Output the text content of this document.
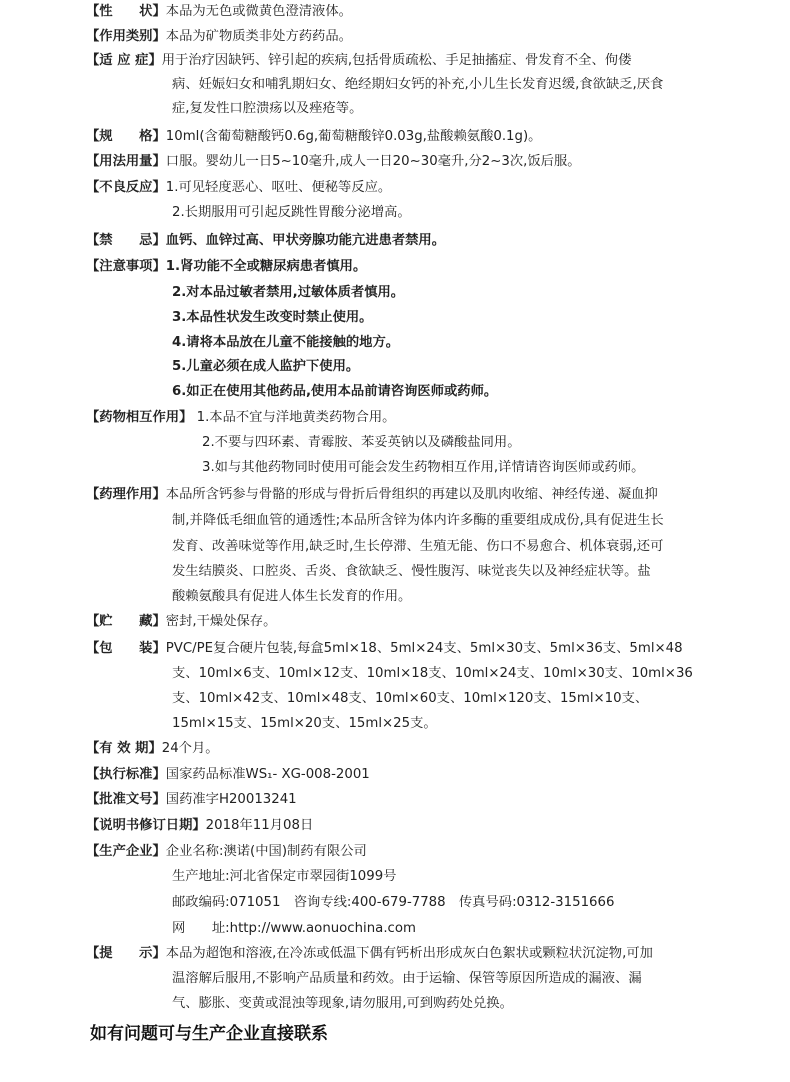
【性　　状】本品为无色或微黄色澄清液体。
【作用类别】本品为矿物质类非处方药药品。
【适 应 症】用于治疗因缺钙、锌引起的疾病,包括骨质疏松、手足抽搐症、骨发育不全、佝偻
病、妊娠妇女和哺乳期妇女、绝经期妇女钙的补充,小儿生长发育迟缓,食欲缺乏,厌食
症,复发性口腔溃疡以及痤疮等。
【规　　格】10ml(含葡萄糖酸钙0.6g,葡萄糖酸锌0.03g,盐酸赖氨酸0.1g)。
【用法用量】口服。婴幼儿一日5~10毫升,成人一日20~30毫升,分2~3次,饭后服。
【不良反应】1.可见轻度恶心、呕吐、便秘等反应。
2.长期服用可引起反跳性胃酸分泌增高。
【禁　　忌】血钙、血锌过高、甲状旁腺功能亢进患者禁用。
【注意事项】1.肾功能不全或糖尿病患者慎用。
2.对本品过敏者禁用,过敏体质者慎用。
3.本品性状发生改变时禁止使用。
4.请将本品放在儿童不能接触的地方。
5.儿童必须在成人监护下使用。
6.如正在使用其他药品,使用本品前请咨询医师或药师。
【药物相互作用】 1.本品不宜与洋地黄类药物合用。
2.不要与四环素、青霉胺、苯妥英钠以及磷酸盐同用。
3.如与其他药物同时使用可能会发生药物相互作用,详情请咨询医师或药师。
【药理作用】本品所含钙参与骨骼的形成与骨折后骨组织的再建以及肌肉收缩、神经传递、凝血抑
制,并降低毛细血管的通透性;本品所含锌为体内许多酶的重要组成成份,具有促进生长
发育、改善味觉等作用,缺乏时,生长停滞、生殖无能、伤口不易愈合、机体衰弱,还可
发生结膜炎、口腔炎、舌炎、食欲缺乏、慢性腹泻、味觉丧失以及神经症状等。盐
酸赖氨酸具有促进人体生长发育的作用。
【贮　　藏】密封,干燥处保存。
【包　　装】PVC/PE复合硬片包装,每盒5ml×18、5ml×24支、5ml×30支、5ml×36支、5ml×48
支、10ml×6支、10ml×12支、10ml×18支、10ml×24支、10ml×30支、10ml×36
支、10ml×42支、10ml×48支、10ml×60支、10ml×120支、15ml×10支、
15ml×15支、15ml×20支、15ml×25支。
【有 效 期】24个月。
【执行标准】国家药品标准WS₁- XG-008-2001
【批准文号】国药准字H20013241
【说明书修订日期】2018年11月08日
【生产企业】企业名称:澳诺(中国)制药有限公司
生产地址:河北省保定市翠园街1099号
邮政编码:071051　咨询专线:400-679-7788　传真号码:0312-3151666
网　　址:http://www.aonuochina.com
【提　　示】本品为超饱和溶液,在冷冻或低温下偶有钙析出形成灰白色絮状或颗粒状沉淀物,可加
温溶解后服用,不影响产品质量和药效。由于运输、保管等原因所造成的漏液、漏
气、膨胀、变黄或混浊等现象,请勿服用,可到购药处兑换。
如有问题可与生产企业直接联系
